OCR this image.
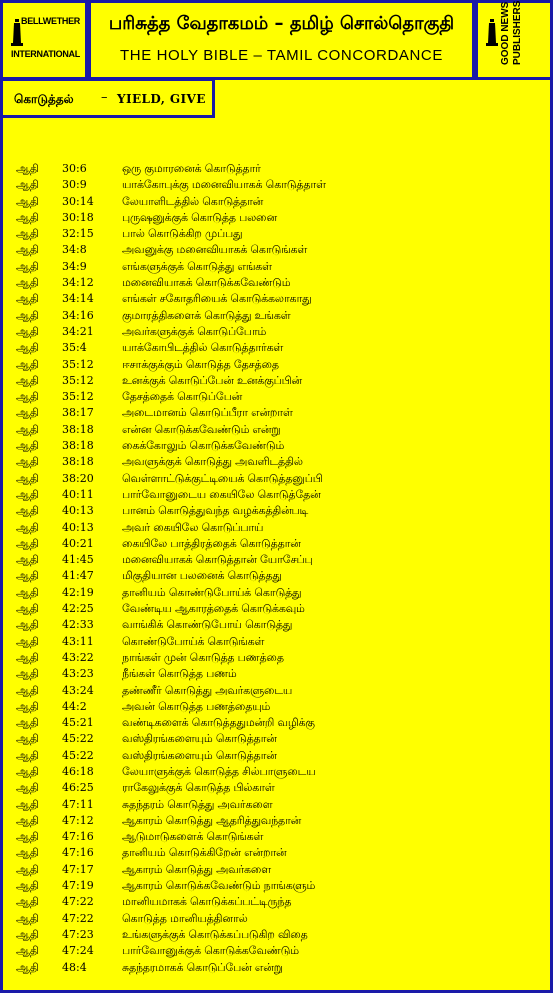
BELLWETHER
INTERNATIONAL
பரிசுத்த வேதாகமம் – தமிழ் சொல்தொகுதி
THE HOLY BIBLE – TAMIL CONCORDANCE	GOOD NEWS PUBLISHERS
கொடுத்தல் – YIELD, GIVE
ஆதி 30:6	ஒரு குமாரனைக் கொடுத்தார்
ஆதி 30:9	யாக்கோபுக்கு மனைவியாகக் கொடுத்தாள்
ஆதி 30:14	லேயாளிடத்தில் கொடுத்தான்
ஆதி 30:18	புருஷனுக்குக் கொடுத்த பலனை
ஆதி 32:15	பால் கொடுக்கிற முப்பது
ஆதி 34:8	அவனுக்கு மனைவியாகக் கொடுங்கள்
ஆதி 34:9	எங்களுக்குக் கொடுத்து எங்கள்
ஆதி 34:12	மனைவியாகக் கொடுக்கவேண்டும்
ஆதி 34:14	எங்கள் சகோதரியைக் கொடுக்கலாகாது
ஆதி 34:16	குமாரத்திகளைக் கொடுத்து உங்கள்
ஆதி 34:21	அவர்களுக்குக் கொடுப்போம்
ஆதி 35:4	யாக்கோபிடத்தில் கொடுத்தார்கள்
ஆதி 35:12	ஈசாக்குக்கும் கொடுத்த தேசத்தை
ஆதி 35:12	உனக்குக் கொடுப்பேன் உனக்குப்பின்
ஆதி 35:12	தேசத்தைக் கொடுப்பேன்
ஆதி 38:17	அடைமானம் கொடுப்பீரா என்றாள்
ஆதி 38:18	என்ன கொடுக்கவேண்டும் என்று
ஆதி 38:18	கைக்கோலும் கொடுக்கவேண்டும்
ஆதி 38:18	அவளுக்குக் கொடுத்து அவளிடத்தில்
ஆதி 38:20	வெள்ளாட்டுக்குட்டியைக் கொடுத்தனுப்பி
ஆதி 40:11	பார்வோனுடைய கையிலே கொடுத்தேன்
ஆதி 40:13	பானம் கொடுத்துவந்த வழக்கத்தின்படி
ஆதி 40:13	அவர் கையிலே கொடுப்பாய்
ஆதி 40:21	கையிலே பாத்திரத்தைக் கொடுத்தான்
ஆதி 41:45	மனைவியாகக் கொடுத்தான் யோசேப்பு
ஆதி 41:47	மிகுதியான பலனைக் கொடுத்தது
ஆதி 42:19	தானியம் கொண்டுபோய்க் கொடுத்து
ஆதி 42:25	வேண்டிய ஆகாரத்தைக் கொடுக்கவும்
ஆதி 42:33	வாங்கிக் கொண்டுபோய் கொடுத்து
ஆதி 43:11	கொண்டுபோய்க் கொடுங்கள்
ஆதி 43:22	நாங்கள் முன் கொடுத்த பணத்தை
ஆதி 43:23	நீங்கள் கொடுத்த பணம்
ஆதி 43:24	தண்ணீர் கொடுத்து அவர்களுடைய
ஆதி 44:2	அவன் கொடுத்த பணத்தையும்
ஆதி 45:21	வண்டிகளைக் கொடுத்ததுமன்றி வழிக்கு
ஆதி 45:22	வஸ்திரங்களையும் கொடுத்தான்
ஆதி 45:22	வஸ்திரங்களையும் கொடுத்தான்
ஆதி 46:18	லேயாளுக்குக் கொடுத்த சில்பாளுடைய
ஆதி 46:25	ராகேலுக்குக் கொடுத்த பில்காள்
ஆதி 47:11	சுதந்தரம் கொடுத்து அவர்களை
ஆதி 47:12	ஆகாரம் கொடுத்து ஆதரித்துவந்தான்
ஆதி 47:16	ஆடுமாடுகளைக் கொடுங்கள்
ஆதி 47:16	தானியம் கொடுக்கிறேன் என்றான்
ஆதி 47:17	ஆகாரம் கொடுத்து அவர்களை
ஆதி 47:19	ஆகாரம் கொடுக்கவேண்டும் நாங்களும்
ஆதி 47:22	மானியமாகக் கொடுக்கப்பட்டிருந்த
ஆதி 47:22	கொடுத்த மானியத்தினால்
ஆதி 47:23	உங்களுக்குக் கொடுக்கப்படுகிற விதை
ஆதி 47:24	பார்வோனுக்குக் கொடுக்கவேண்டும்
ஆதி 48:4	சுதந்தரமாகக் கொடுப்பேன் என்று
